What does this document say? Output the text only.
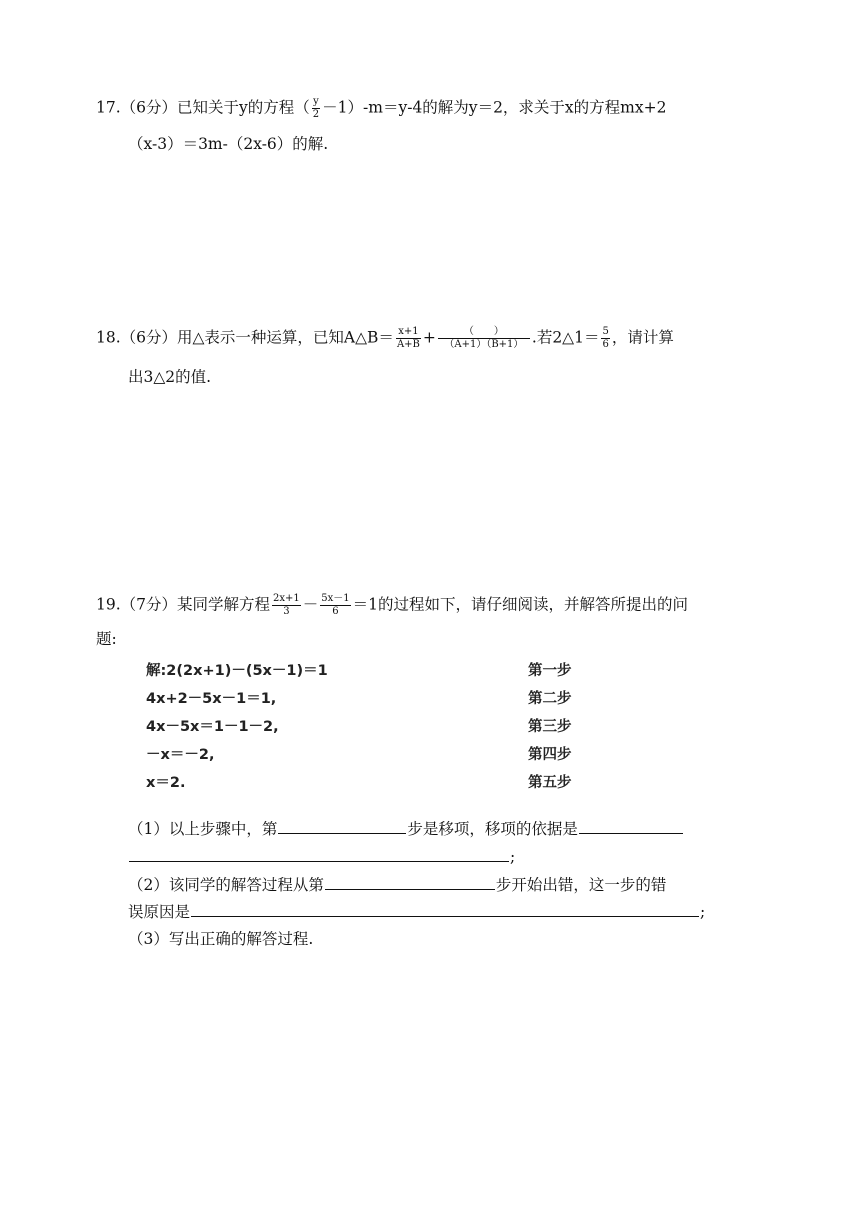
17.（6分）已知关于y的方程（ $\frac{y}{2} -1)-m=y-4$的解为y＝2，求关于x的方程mx+2
（x-3）＝3m-（2x-6）的解.
18.（6分）用△表示一种运算，已知A△B＝ $\frac{x+1}{A+B} + \frac{( )}{(A+1)(B+1)}$ .若2△1＝ $\frac{5}{6}$ ，请计算
出3△2的值.
19.（7分）某同学解方程 $\frac{2x+1}{3} - \frac{5x-1}{6} =1$的过程如下，请仔细阅读，并解答所提出的问
题:
解:2(2x+1)－(5x－1)＝1	第一步
4x+2－5x－1＝1,	第二步
4x－5x＝1－1－2,	第三步
－x＝－2,	第四步
x＝2.	第五步
（1）以上步骤中，第	步是移项，移项的依据是
;
（2）该同学的解答过程从第	步开始出错，这一步的错
误原因是	;
（3）写出正确的解答过程.
